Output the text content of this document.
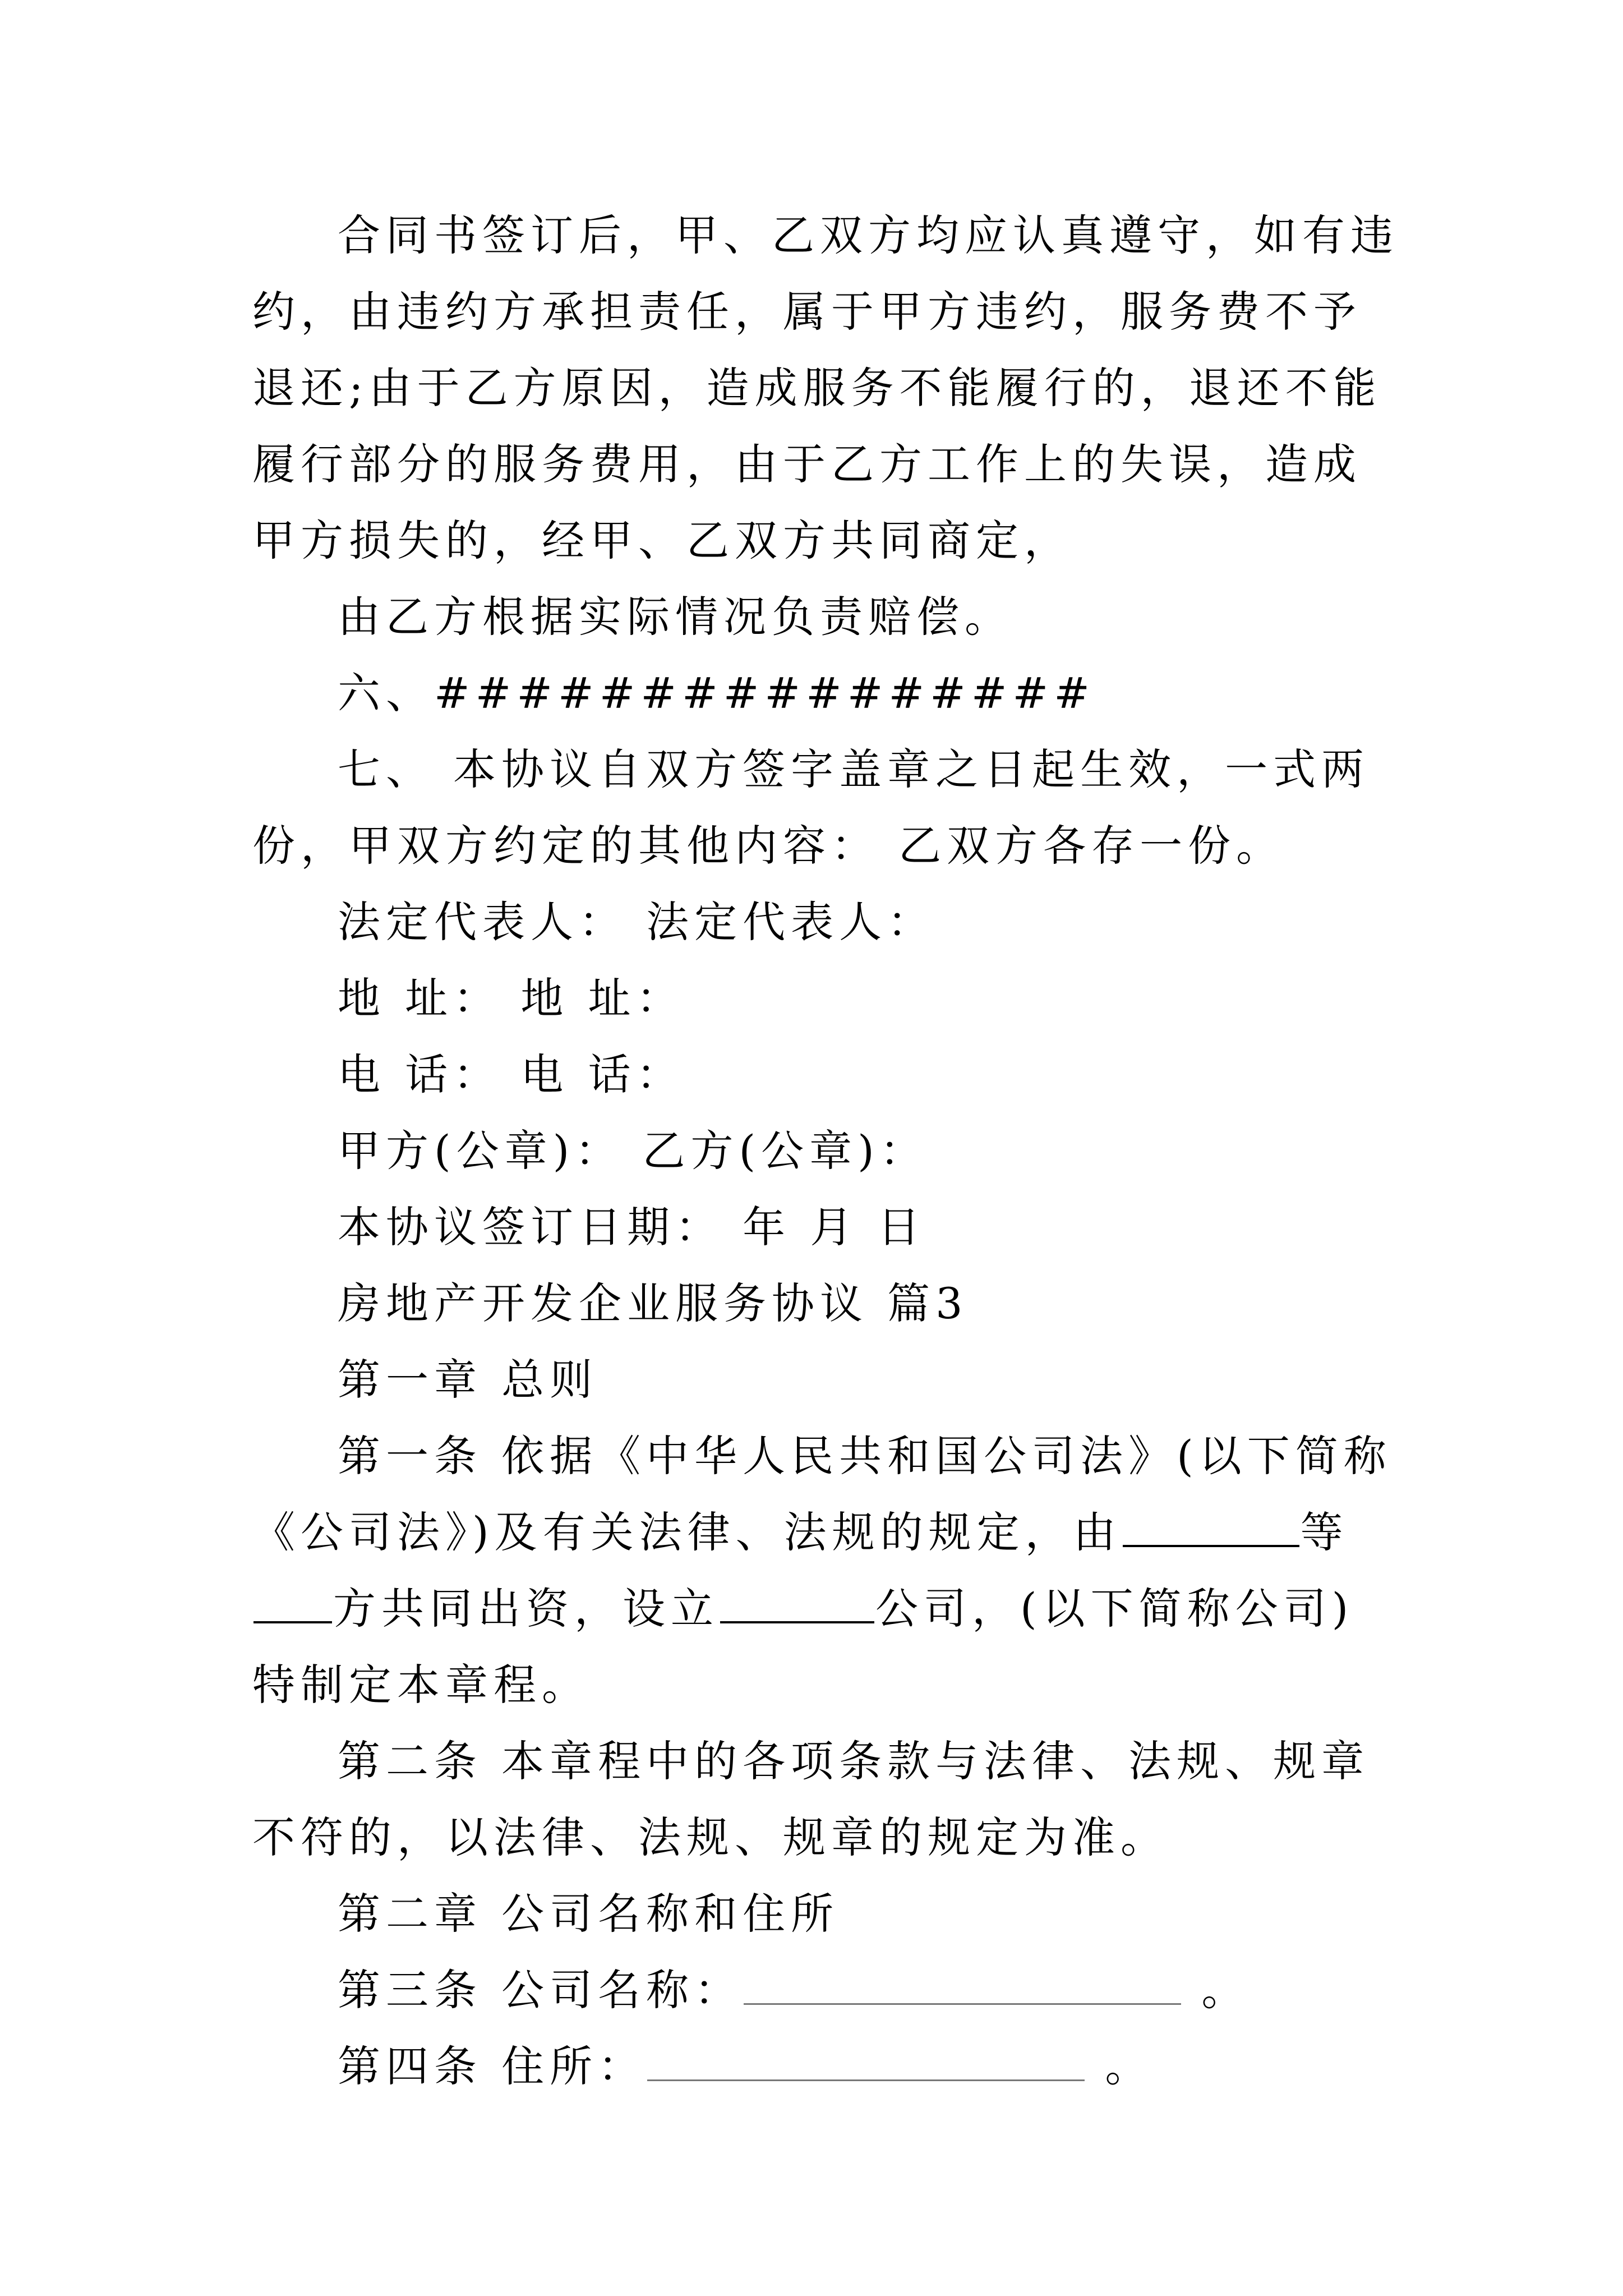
合同书签订后，甲、乙双方均应认真遵守，如有违约，由违约方承担责任，属于甲方违约，服务费不予退还;由于乙方原因，造成服务不能履行的，退还不能履行部分的服务费用，由于乙方工作上的失误，造成甲方损失的，经甲、乙双方共同商定，

由乙方根据实际情况负责赔偿。

六、################

七、 本协议自双方签字盖章之日起生效，一式两份，甲双方约定的其他内容： 乙双方各存一份。

法定代表人： 法定代表人：

地 址： 地 址：

电 话： 电 话：

甲方(公章)： 乙方(公章)：

本协议签订日期： 年 月 日

房地产开发企业服务协议 篇3

第一章 总则

第一条 依据《中华人民共和国公司法》(以下简称《公司法》)及有关法律、法规的规定，由	等方共同出资，设立	公司，(以下简称公司)特制定本章程。

第二条 本章程中的各项条款与法律、法规、规章不符的，以法律、法规、规章的规定为准。

第二章 公司名称和住所

第三条 公司名称：	。

第四条 住所：	。
